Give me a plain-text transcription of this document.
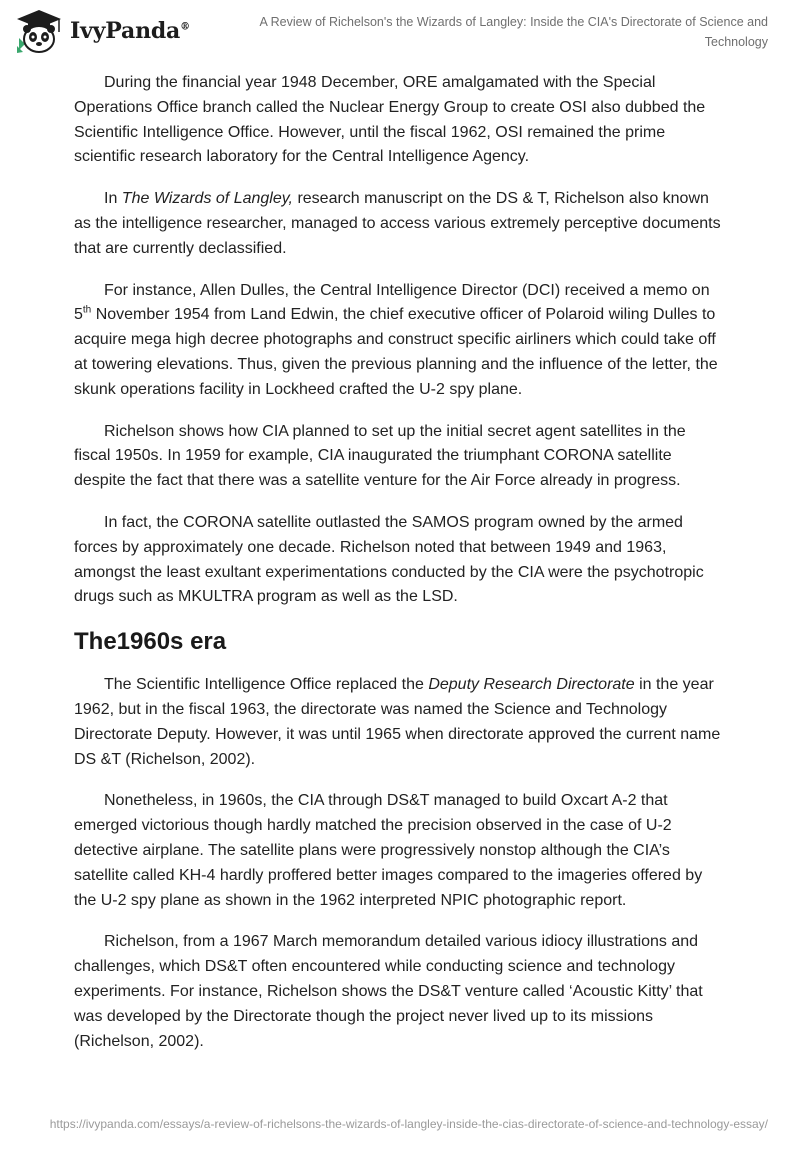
IvyPanda®	A Review of Richelson's the Wizards of Langley: Inside the CIA's Directorate of Science and Technology

During the financial year 1948 December, ORE amalgamated with the Special Operations Office branch called the Nuclear Energy Group to create OSI also dubbed the Scientific Intelligence Office. However, until the fiscal 1962, OSI remained the prime scientific research laboratory for the Central Intelligence Agency.

In The Wizards of Langley, research manuscript on the DS & T, Richelson also known as the intelligence researcher, managed to access various extremely perceptive documents that are currently declassified.

For instance, Allen Dulles, the Central Intelligence Director (DCI) received a memo on 5th November 1954 from Land Edwin, the chief executive officer of Polaroid wiling Dulles to acquire mega high decree photographs and construct specific airliners which could take off at towering elevations. Thus, given the previous planning and the influence of the letter, the skunk operations facility in Lockheed crafted the U-2 spy plane.

Richelson shows how CIA planned to set up the initial secret agent satellites in the fiscal 1950s. In 1959 for example, CIA inaugurated the triumphant CORONA satellite despite the fact that there was a satellite venture for the Air Force already in progress.

In fact, the CORONA satellite outlasted the SAMOS program owned by the armed forces by approximately one decade. Richelson noted that between 1949 and 1963, amongst the least exultant experimentations conducted by the CIA were the psychotropic drugs such as MKULTRA program as well as the LSD.

The1960s era

The Scientific Intelligence Office replaced the Deputy Research Directorate in the year 1962, but in the fiscal 1963, the directorate was named the Science and Technology Directorate Deputy. However, it was until 1965 when directorate approved the current name DS &T (Richelson, 2002).

Nonetheless, in 1960s, the CIA through DS&T managed to build Oxcart A-2 that emerged victorious though hardly matched the precision observed in the case of U-2 detective airplane. The satellite plans were progressively nonstop although the CIA’s satellite called KH-4 hardly proffered better images compared to the imageries offered by the U-2 spy plane as shown in the 1962 interpreted NPIC photographic report.

Richelson, from a 1967 March memorandum detailed various idiocy illustrations and challenges, which DS&T often encountered while conducting science and technology experiments. For instance, Richelson shows the DS&T venture called ‘Acoustic Kitty’ that was developed by the Directorate though the project never lived up to its missions (Richelson, 2002).

https://ivypanda.com/essays/a-review-of-richelsons-the-wizards-of-langley-inside-the-cias-directorate-of-science-and-technology-essay/
